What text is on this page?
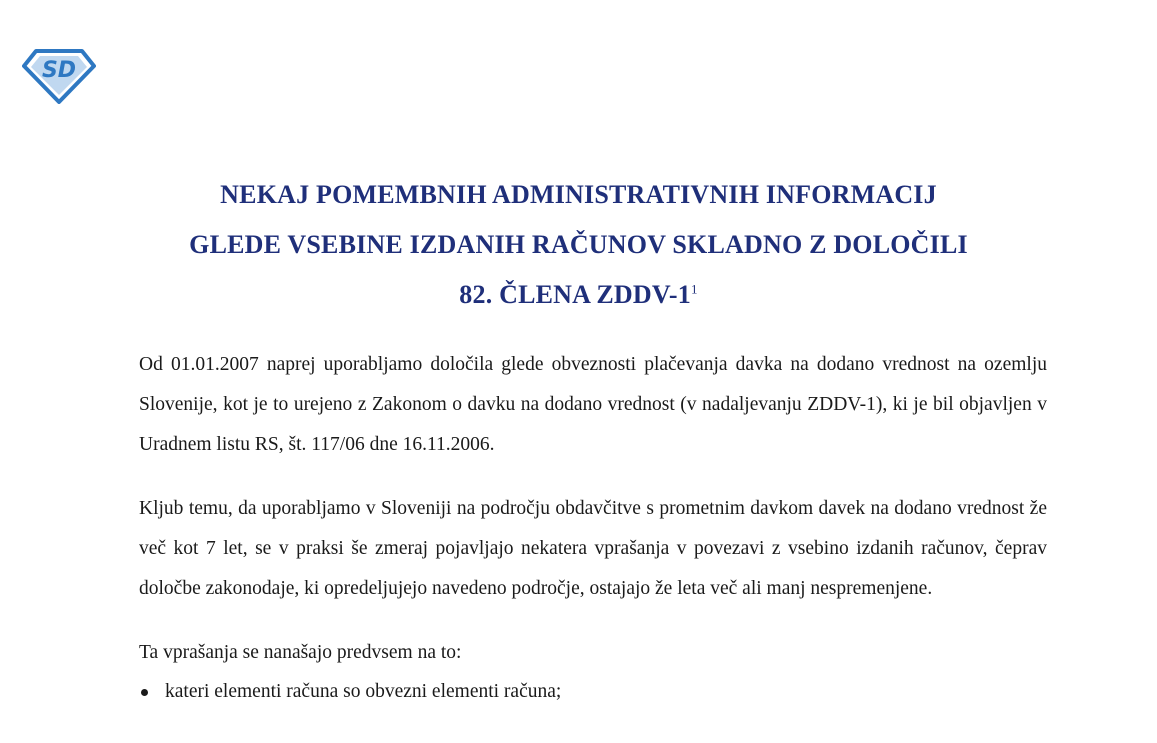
SD
NEKAJ POMEMBNIH ADMINISTRATIVNIH INFORMACIJ
GLEDE VSEBINE IZDANIH RAČUNOV SKLADNO Z DOLOČILI
82. ČLENA ZDDV-$1^1$

Od 01.01.2007 naprej uporabljamo določila glede obveznosti plačevanja davka na dodano vrednost na ozemlju Slovenije, kot je to urejeno z Zakonom o davku na dodano vrednost (v nadaljevanju ZDDV-1), ki je bil objavljen v Uradnem listu RS, št. 117/06 dne 16.11.2006.

Kljub temu, da uporabljamo v Sloveniji na področju obdavčitve s prometnim davkom davek na dodano vrednost že več kot 7 let, se v praksi še zmeraj pojavljajo nekatera vprašanja v povezavi z vsebino izdanih računov, čeprav določbe zakonodaje, ki opredeljujejo navedeno področje, ostajajo že leta več ali manj nespremenjene.

Ta vprašanja se nanašajo predvsem na to:

kateri elementi računa so obvezni elementi računa;
